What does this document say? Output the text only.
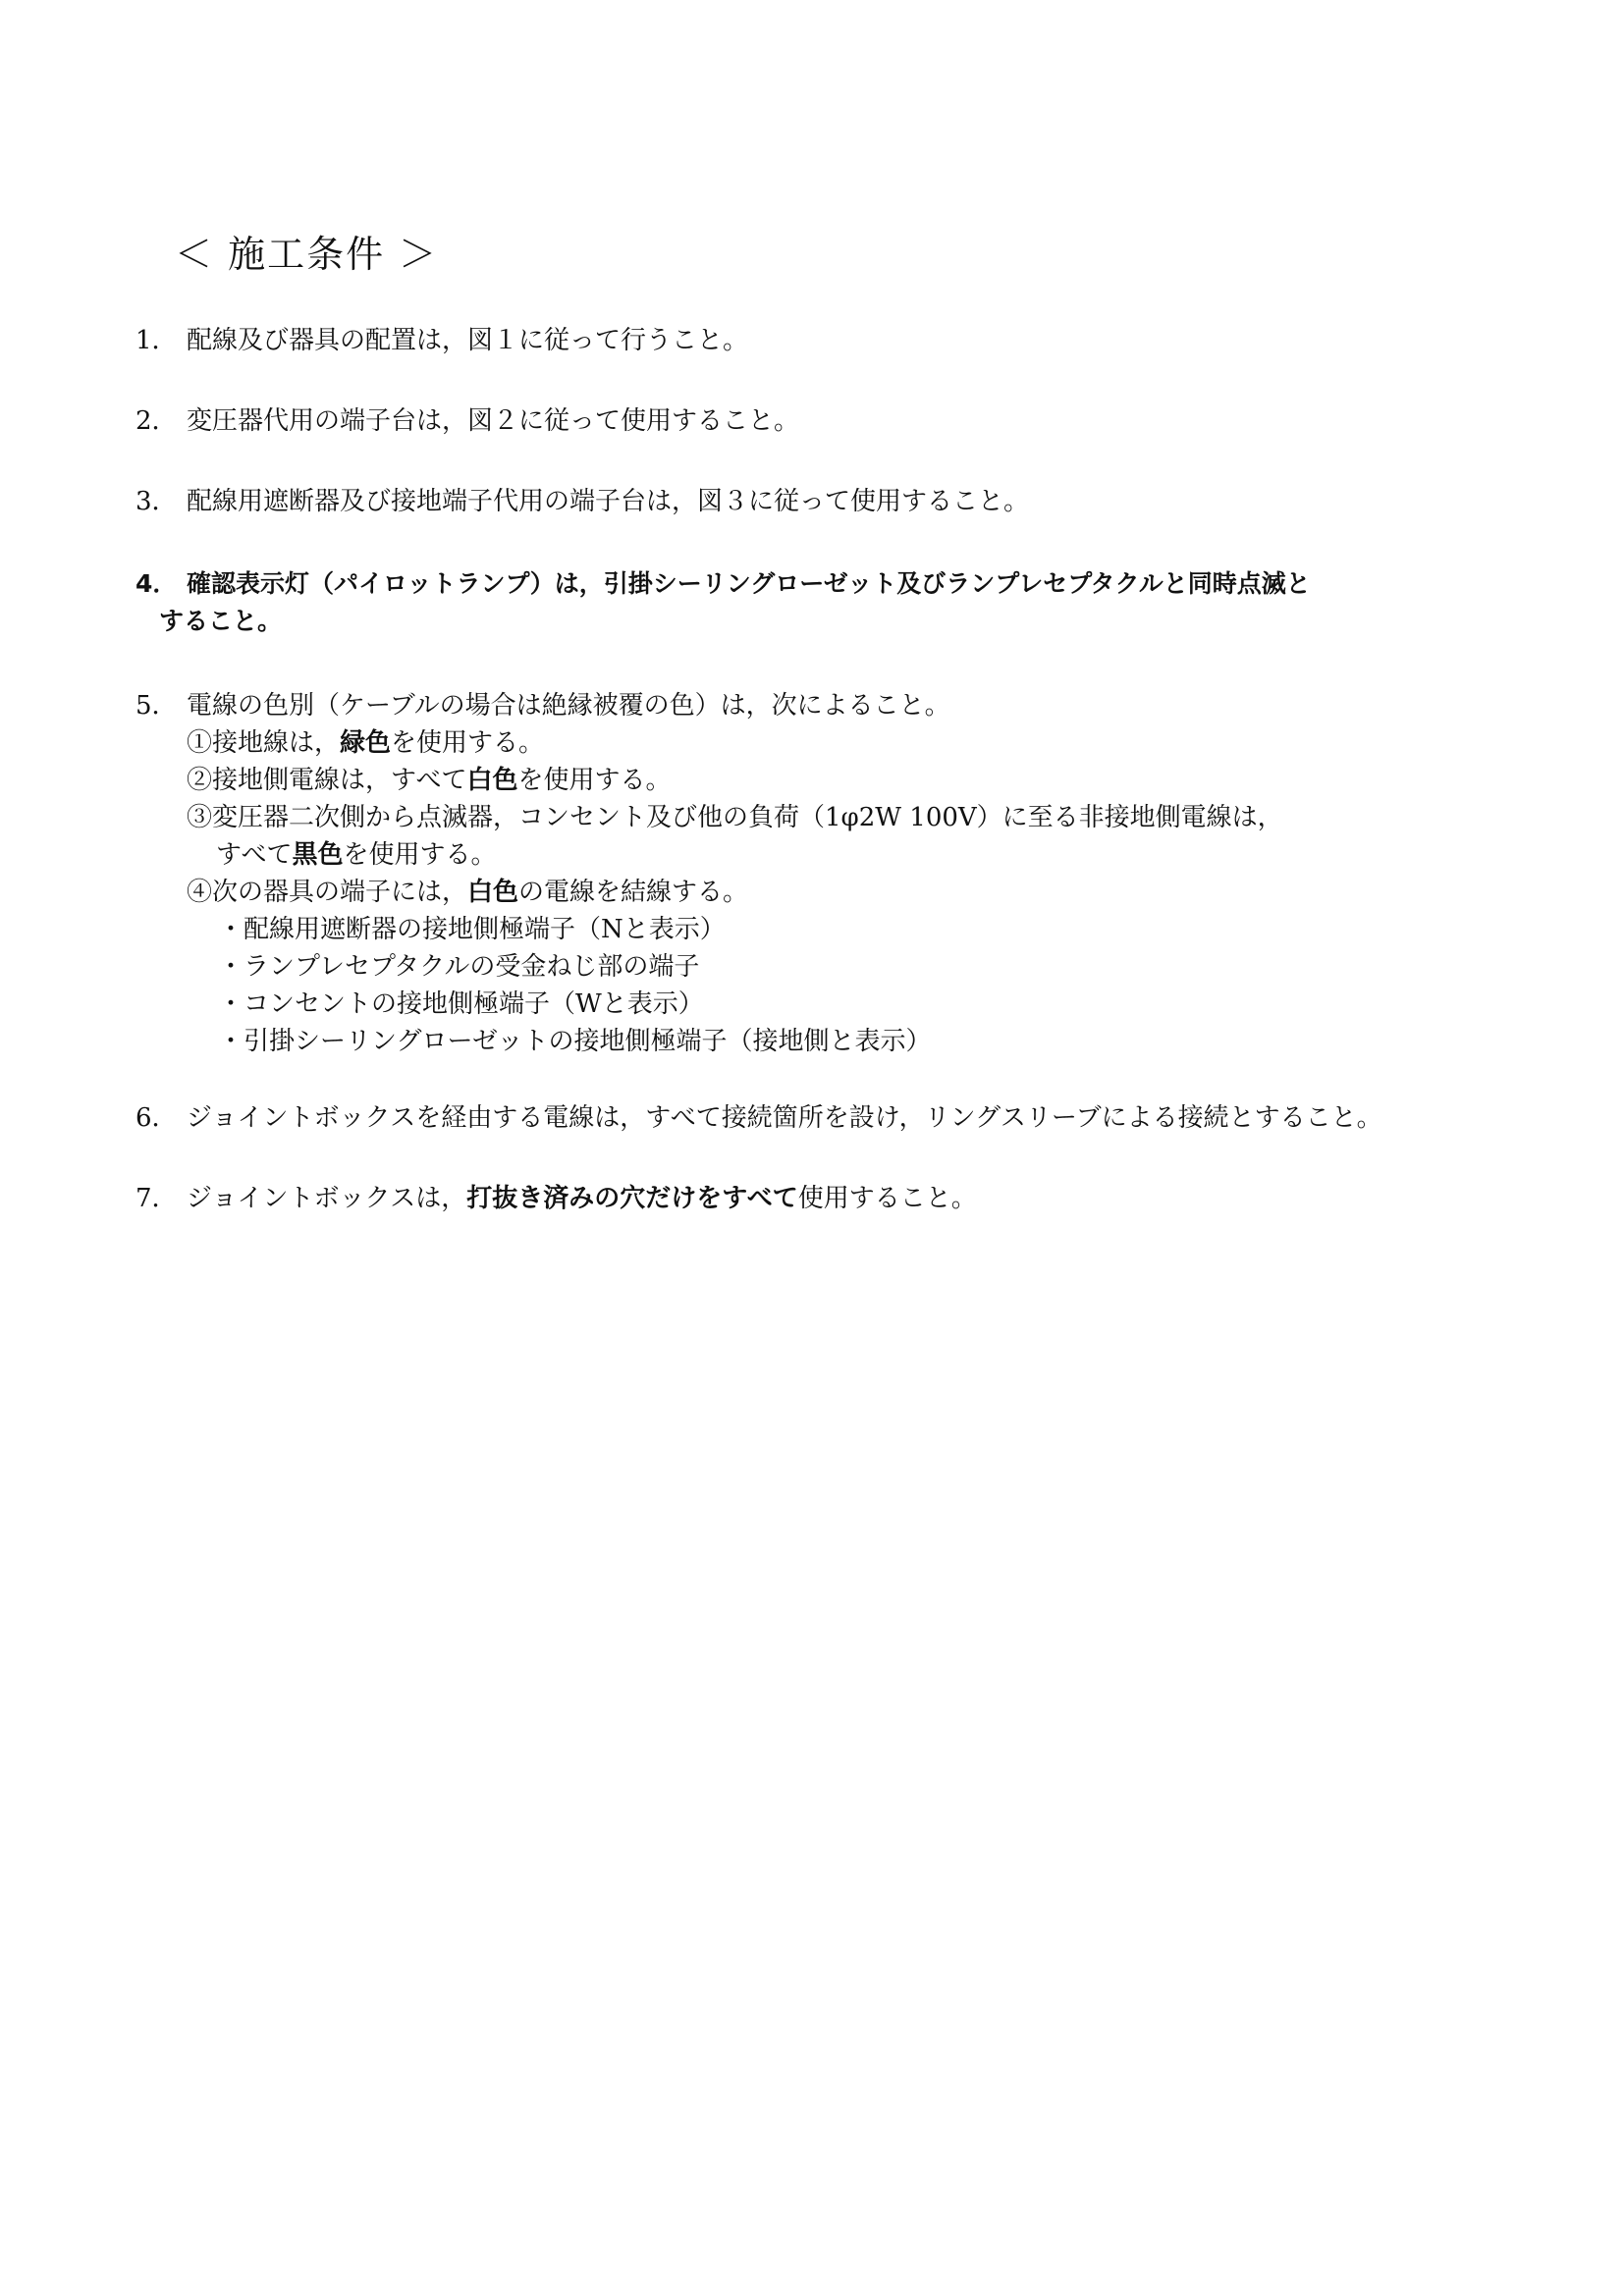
＜ 施工条件 ＞

1． 配線及び器具の配置は，図１に従って行うこと。

2． 変圧器代用の端子台は，図２に従って使用すること。

3． 配線用遮断器及び接地端子代用の端子台は，図３に従って使用すること。

4． 確認表示灯（パイロットランプ）は，引掛シーリングローゼット及びランプレセプタクルと同時点滅と
すること。

5． 電線の色別（ケーブルの場合は絶縁被覆の色）は，次によること。

①接地線は，緑色を使用する。

②接地側電線は，すべて白色を使用する。

③変圧器二次側から点滅器，コンセント及び他の負荷（1φ2W 100V）に至る非接地側電線は，

すべて黒色を使用する。

④次の器具の端子には，白色の電線を結線する。

・配線用遮断器の接地側極端子（Nと表示）

・ランプレセプタクルの受金ねじ部の端子

・コンセントの接地側極端子（Wと表示）

・引掛シーリングローゼットの接地側極端子（接地側と表示）

6． ジョイントボックスを経由する電線は，すべて接続箇所を設け，リングスリーブによる接続とすること。

7． ジョイントボックスは，打抜き済みの穴だけをすべて使用すること。
